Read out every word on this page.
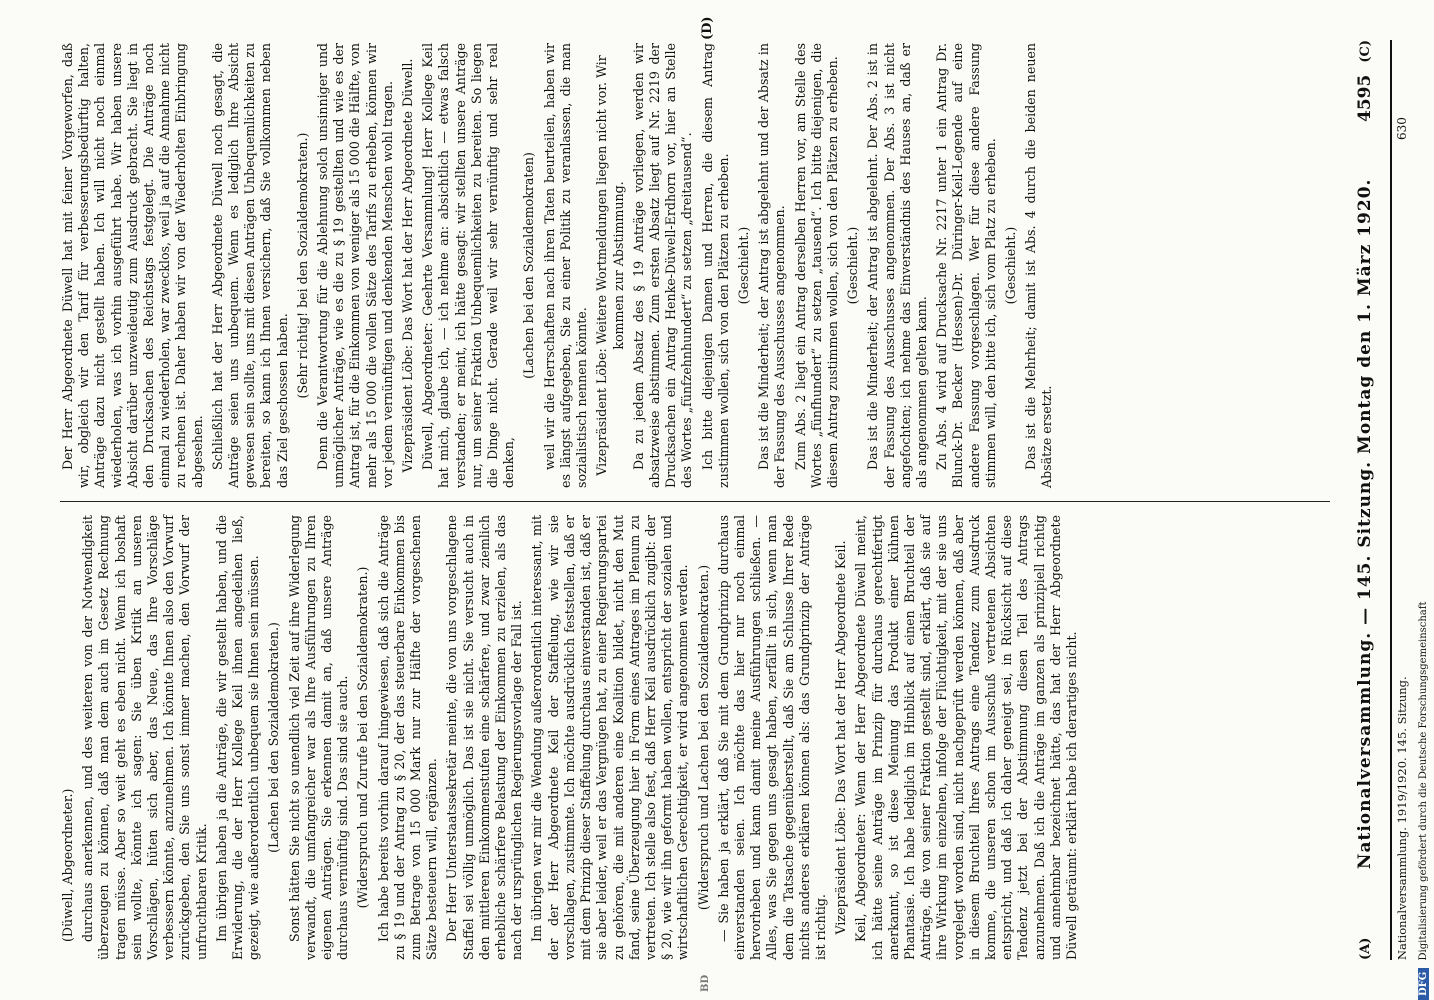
(A)
Nationalversammlung. — 145. Sitzung. Montag den 1. März 1920.
4595
(C)

(Düwell, Abgeordneter.) durchaus anerkennen, und des weiteren von der Notwendigkeit überzeugen zu können, daß man dem auch im Gesetz Rechnung tragen müsse. Aber so weit geht es eben nicht. Wenn ich boshaft sein wollte, könnte ich sagen: Sie üben Kritik an unseren Vorschlägen, hüten sich aber, das Neue, das Ihre Vorschläge verbessern könnte, anzunehmen. Ich könnte Ihnen also den Vorwurf zurückgeben, den Sie uns sonst immer machen, den Vorwurf der unfruchtbaren Kritik. Im übrigen haben ja die Anträge, die wir gestellt haben, und die Erwiderung, die der Herr Kollege Keil ihnen angedeihen ließ, gezeigt, wie außerordentlich unbequem sie Ihnen sein müssen. (Lachen bei den Sozialdemokraten.) Sonst hätten Sie nicht so unendlich viel Zeit auf ihre Widerlegung verwandt, die umfangreicher war als Ihre Ausführungen zu Ihren eigenen Anträgen. Sie erkennen damit an, daß unsere Anträge durchaus vernünftig sind. Das sind sie auch. (Widerspruch und Zurufe bei den Sozialdemokraten.) Ich habe bereits vorhin darauf hingewiesen, daß sich die Anträge zu § 19 und der Antrag zu § 20, der das steuerbare Einkommen bis zum Betrage von 15 000 Mark nur zur Hälfte der vorgeschenen Sätze besteuern will, ergänzen. Der Herr Unterstaatssekretär meinte, die von uns vorgeschlagene Staffel sei völlig unmöglich. Das ist sie nicht. Sie versucht auch in den mittleren Einkommenstufen eine schärfere, und zwar ziemlich erhebliche schärfere Belastung der Einkommen zu erzielen, als das nach der ursprünglichen Regierungsvorlage der Fall ist. Im übrigen war mir die Wendung außerordentlich interessant, mit der der Herr Abgeordnete Keil der Staffelung, wie wir sie vorschlagen, zustimmte. Ich möchte ausdrücklich feststellen, daß er mit dem Prinzip dieser Staffelung durchaus einverstanden ist, daß er sie aber leider, weil er das Vergnügen hat, zu einer Regierungspartei zu gehören, die mit anderen eine Koalition bildet, nicht den Mut fand, seine Überzeugung hier in Form eines Antrages im Plenum zu vertreten. Ich stelle also fest, daß Herr Keil ausdrücklich zugibt: der § 20, wie wir ihn geformt haben wollen, entspricht der sozialen und wirtschaftlichen Gerechtigkeit, er wird angenommen werden. (Widerspruch und Lachen bei den Sozialdemokraten.) — Sie haben ja erklärt, daß Sie mit dem Grundprinzip durchaus einverstanden seien. Ich möchte das hier nur noch einmal hervorheben und kann damit meine Ausführungen schließen. — Alles, was Sie gegen uns gesagt haben, zerfällt in sich, wenn man dem die Tatsache gegenüberstellt, daß Sie am Schlusse Ihrer Rede nichts anderes erklären können als: das Grundprinzip der Anträge ist richtig. Vizepräsident Löbe: Das Wort hat der Herr Abgeordnete Keil. Keil, Abgeordneter: Wenn der Herr Abgeordnete Düwell meint, ich hätte seine Anträge im Prinzip für durchaus gerechtfertigt anerkannt, so ist diese Meinung das Produkt einer kühnen Phantasie. Ich habe lediglich im Hinblick auf einen Bruchteil der Anträge, die von seiner Fraktion gestellt sind, erklärt, daß sie auf ihre Wirkung im einzelnen, infolge der Flüchtigkeit, mit der sie uns vorgelegt worden sind, nicht nachgeprüft werden können, daß aber in diesem Bruchteil Ihres Antrags eine Tendenz zum Ausdruck komme, die unseren schon im Ausschuß vertretenen Absichten entspricht, und daß ich daher geneigt sei, in Rücksicht auf diese Tendenz jetzt bei der Abstimmung diesen Teil des Antrags anzunehmen. Daß ich die Anträge im ganzen als prinzipiell richtig und annehmbar bezeichnet hätte, das hat der Herr Abgeordnete Düwell geträumt: erklärt habe ich derartiges nicht.

Der Herr Abgeordnete Düwell hat mit feiner Vorgeworfen, daß wir, obgleich wir den Tarif für verbesserungsbedürftig halten, Anträge dazu nicht gestellt haben. Ich will nicht noch einmal wiederholen, was ich vorhin ausgeführt habe. Wir haben unsere Absicht darüber unzweideutig zum Ausdruck gebracht. Sie liegt in den Drucksachen des Reichstags festgelegt. Die Anträge noch einmal zu wiederholen, war zwecklos, weil ja auf die Annahme nicht zu rechnen ist. Daher haben wir von der Wiederholten Einbringung abgesehen. Schließlich hat der Herr Abgeordnete Düwell noch gesagt, die Anträge seien uns unbequem. Wenn es lediglich Ihre Absicht gewesen sein sollte, uns mit diesen Anträgen Unbequemlichkeiten zu bereiten, so kann ich Ihnen versichern, daß Sie vollkommen neben das Ziel geschossen haben.

(Sehr richtig! bei den Sozialdemokraten.) Denn die Verantwortung für die Ablehnung solch unsinniger und unmöglicher Anträge, wie es die zu § 19 gestellten und wie es der Antrag ist, für die Einkommen von weniger als 15 000 die Hälfte, von mehr als 15 000 die vollen Sätze des Tarifs zu erheben, können wir vor jedem vernünftigen und denkenden Menschen wohl tragen. Vizepräsident Löbe: Das Wort hat der Herr Abgeordnete Düwell. Düwell, Abgeordneter: Geehrte Versammlung! Herr Kollege Keil hat mich, glaube ich, — ich nehme an: absichtlich — etwas falsch verstanden; er meint, ich hätte gesagt: wir stellten unsere Anträge nur, um seiner Fraktion Unbequemlichkeiten zu bereiten. So liegen die Dinge nicht. Gerade weil wir sehr vernünftig und sehr real denken,

(Lachen bei den Sozialdemokraten) weil wir die Herrschaften nach ihren Taten beurteilen, haben wir es längst aufgegeben, Sie zu einer Politik zu veranlassen, die man sozialistisch nennen könnte. Vizepräsident Löbe: Weitere Wortmeldungen liegen nicht vor. Wir kommen zur Abstimmung. Da zu jedem Absatz des § 19 Anträge vorliegen, werden wir absatzweise abstimmen. Zum ersten Absatz liegt auf Nr. 2219 der Drucksachen ein Antrag Henke-Düwell-Erdhorn vor, hier an Stelle des Wortes „fünfzehnhundert“ zu setzen „dreitausend“. Ich bitte diejenigen Damen und Herren, die diesem Antrag zustimmen wollen, sich von den Plätzen zu erheben. (Geschieht.) Das ist die Minderheit; der Antrag ist abgelehnt und der Absatz in der Fassung des Ausschusses angenommen. Zum Abs. 2 liegt ein Antrag derselben Herren vor, am Stelle des Wortes „fünfhundert“ zu setzen „tausend“. Ich bitte diejenigen, die diesem Antrag zustimmen wollen, sich von den Plätzen zu erheben. (Geschieht.) Das ist die Minderheit; der Antrag ist abgelehnt. Der Abs. 2 ist in der Fassung des Ausschusses angenommen. Der Abs. 3 ist nicht angefochten; ich nehme das Einverständnis des Hauses an, daß er als angenommen gelten kann. Zu Abs. 4 wird auf Drucksache Nr. 2217 unter 1 ein Antrag Dr. Blunck-Dr. Becker (Hessen)-Dr. Düringer-Keil-Legende auf eine andere Fassung vorgeschlagen. Wer für diese andere Fassung stimmen will, den bitte ich, sich vom Platz zu erheben. (Geschieht.) Das ist die Mehrheit; damit ist Abs. 4 durch die beiden neuen Absätze ersetzt.

(D)
BD
Nationalversammlung. 1919/1920. 145. Sitzung.
630
DFG Digitalisierung gefördert durch die Deutsche Forschungsgemeinschaft
